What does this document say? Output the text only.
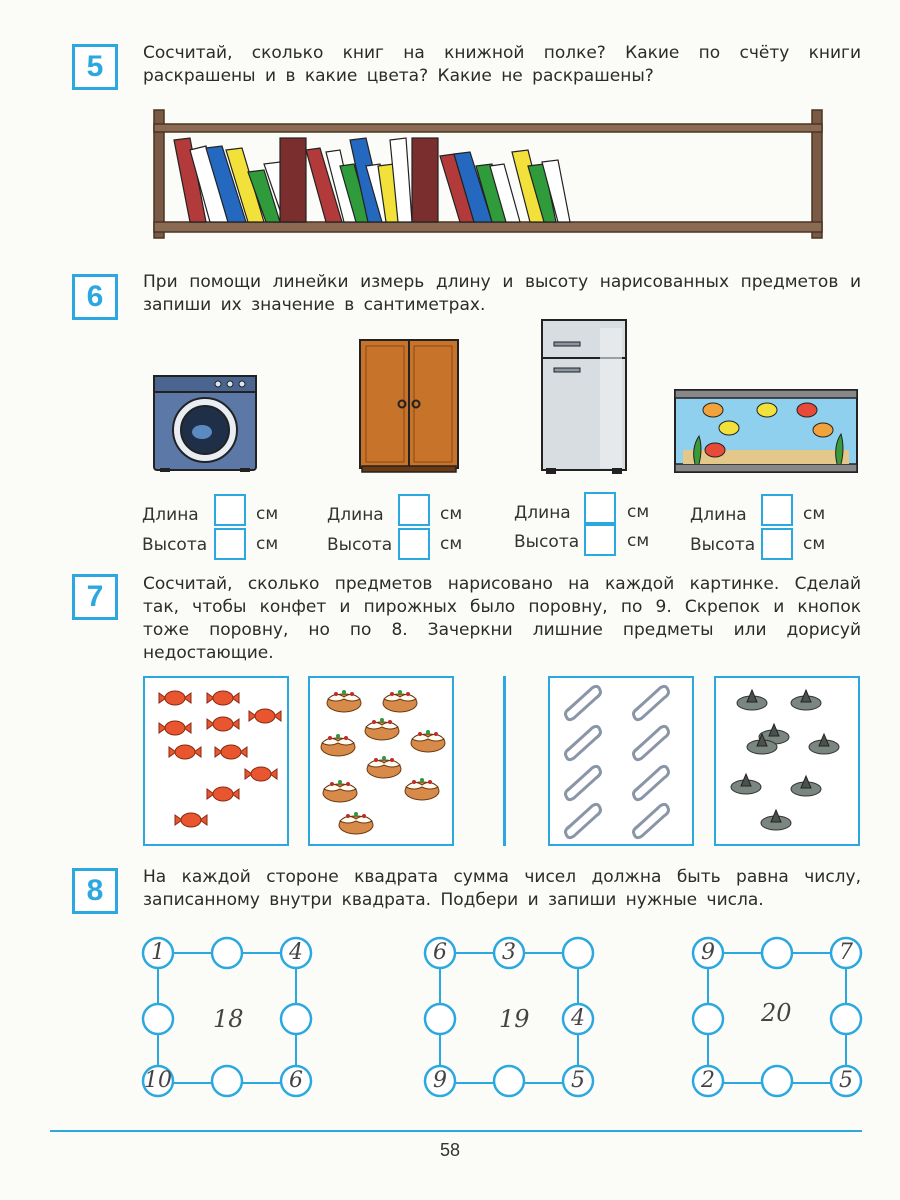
5	Сосчитай, сколько книг на книжной полке? Какие по счёту книги раскрашены и в какие цвета? Какие не раскрашены?
6	При помощи линейки измерь длину и высоту нарисованных предметов и запиши их значение в сантиметрах.
Длина	см
Высота	см
Длина	см
Высота	см
Длина	см
Высота	см
Длина	см
Высота	см
7	Сосчитай, сколько предметов нарисовано на каждой картинке. Сделай так, чтобы конфет и пирожных было поровну, по 9. Скрепок и кнопок тоже поровну, но по 8. Зачеркни лишние предметы или дорисуй недостающие.
8	На каждой стороне квадрата сумма чисел должна быть равна числу, записанному внутри квадрата. Подбери и запиши нужные числа.
1	4
10	6
18
6	3
4
9	5
19
9	7
2	5
20
58
